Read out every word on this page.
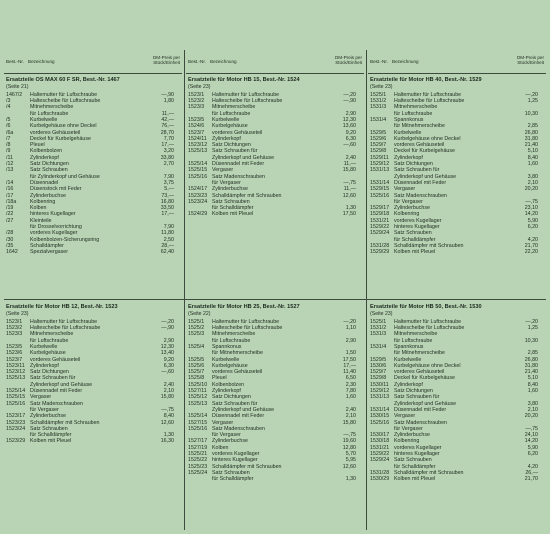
Best.-Nr. Bezeichnung
DM-Preis per Stück/Einheit
Ersatzteile OS MAX 60 F SR, Best.-Nr. 1467
(Seite 21)
1467/2	Haltemutter für Luftschraube	—,90
/3	Haltescheibe für Luftschraube	1,80
/4	Mitnehmerscheibe
für Luftschraube	11,—
/5	Kurbelwelle	42,—
/6	Kurbelgehäuse ohne Deckel	76,—
/6a	vorderes Gehäuseteil	28,70
/7	Deckel für Kurbelgehäuse	7,70
/8	Pleuel	17,—
/9	Kolbenbolzen	3,20
/11	Zylinderkopf	33,80
/12	Satz Dichtungen	2,70
/13	Satz Schrauben
für Zylinderkopf und Gehäuse	7,90
/14	Düsennadel	3,75
/16	Düsenstock mit Feder	5,—
/17	Zylinderbuchse	73,—
/18a	Kolbenring	16,80
/19	Kolben	33,50
/22	hinteres Kugellager	17,—
/27	Kleinteile
für Drosselvorrichtung	7,90
/28	vorderes Kugellager	11,80
/30	Kolbenbolzen-Sicherungsring	2,50
/35	Schalldämpfer	28,—
1642	Spezialvergaser	62,40
Ersatzteile für Motor HB 12, Best.-Nr. 1523
(Seite 23)
1523/1	Haltemutter für Luftschraube	—,20
1523/2	Haltescheibe für Luftschraube	—,90
1523/3	Mitnehmerscheibe
für Luftschraube	2,90
1523/5	Kurbelwelle	12,30
1523/6	Kurbelgehäuse	13,40
1523/7	vorderes Gehäuseteil	9,20
1523/11 Zylinderkopf	6,30
1523/12 Satz Dichtungen	—,60
1525/13 Satz Schrauben für
Zylinderkopf und Gehäuse	2,40
1525/14 Düsennadel mit Feder	2,10
1525/15 Vergaser	15,80
1525/16 Satz Madenschrauben
für Vergaser	—,75
1523/17 Zylinderbuchse	8,40
1523/23 Schalldämpfer mit Schrauben	12,60
1523/24 Satz Schrauben
für Schalldämpfer	1,30
1523/29 Kolben mit Pleuel	16,30
Best.-Nr. Bezeichnung
DM-Preis per Stück/Einheit
Ersatzteile für Motor HB 15, Best.-Nr. 1524
(Seite 23)
1523/1	Haltemutter für Luftschraube	—,20
1523/2	Haltescheibe für Luftschraube	—,90
1523/3	Mitnehmerscheibe
für Luftschraube	2,90
1523/5	Kurbelwelle	12,30
1524/6	Kurbelgehäuse	13,60
1523/7	vorderes Gehäuseteil	9,20
1524/11 Zylinderkopf	6,30
1523/12 Satz Dichtungen	—,60
1525/13 Satz Schrauben für
Zylinderkopf und Gehäuse	2,40
1525/14 Düsennadel mit Feder	11,—
1525/15 Vergaser	15,80
1525/16 Satz Madenschrauben
für Vergaser	—,75
1524/17 Zylinderbuchse	11,—
1523/23 Schalldämpfer mit Schrauben	12,60
1523/24 Satz Schrauben
für Schalldämpfer	1,30
1524/29 Kolben mit Pleuel	17,50
Ersatzteile für Motor HB 25, Best.-Nr. 1527
(Seite 22)
1525/1	Haltemutter für Luftschraube	—,20
1525/2	Haltescheibe für Luftschraube	1,10
1525/3	Mitnehmerscheibe
für Luftschraube	2,90
1525/4	Spannkonus
für Mitnehmerscheibe	1,50
1525/5	Kurbelwelle	17,50
1525/6	Kurbelgehäuse	17,—
1525/7	vorderes Gehäuseteil	11,40
1525/8	Pleuel	6,50
1525/10 Kolbenbolzen	2,30
1527/11 Zylinderkopf	7,80
1525/12 Satz Dichtungen	1,60
1525/13 Satz Schrauben für
Zylinderkopf und Gehäuse	2,40
1525/14 Düsennadel mit Feder	2,10
1527/15 Vergaser	15,80
1525/16 Satz Madenschrauben
für Vergaser	—,75
1527/17 Zylinderbuchse	19,60
1527/19 Kolben	12,80
1525/21 vorderes Kugellager	5,70
1525/22 hinteres Kugellager	5,95
1525/23 Schalldämpfer mit Schrauben	12,60
1525/24 Satz Schrauben
für Schalldämpfer	1,30
Best.-Nr. Bezeichnung
DM-Preis per Stück/Einheit
Ersatzteile für Motor HB 40, Best.-Nr. 1529
(Seite 23)
1525/1	Haltemutter für Luftschraube	—,20
1531/2	Haltescheibe für Luftschraube	1,25
1531/3	Mitnehmerscheibe
für Luftschraube	10,30
1531/4	Spannkonus
für Mitnehmerscheibe	2,85
1529/5	Kurbelwelle	26,80
1529/6	Kurbelgehäuse ohne Deckel	31,80
1529/7	vorderes Gehäuseteil	21,40
1529/8	Deckel für Kurbelgehäuse	5,10
1529/11 Zylinderkopf	8,40
1529/12 Satz Dichtungen	1,60
1531/13 Satz Schrauben für
Zylinderkopf und Gehäuse	3,80
1531/14 Düsennadel mit Feder	2,10
1529/15 Vergaser	20,20
1525/16 Satz Madenschrauben
für Vergaser	—,75
1529/17 Zylinderbuchse	23,10
1529/18 Kolbenring	14,20
1531/21 vorderes Kugellager	5,90
1529/22 hinteres Kugellager	6,20
1529/24 Satz Schrauben
für Schalldämpfer	4,20
1531/28 Schalldämpfer mit Schrauben	21,70
1529/29 Kolben mit Pleuel	22,20
Ersatzteile für Motor HB 50, Best.-Nr. 1530
(Seite 23)
1525/1	Haltemutter für Luftschraube	—,20
1531/2	Haltescheibe für Luftschraube	1,25
1531/3	Mitnehmerscheibe
für Luftschraube	10,30
1531/4	Spannkonus
für Mitnehmerscheibe	2,85
1529/5	Kurbelwelle	26,80
1530/6	Kurbelgehäuse ohne Deckel	31,80
1529/7	vorderes Gehäuseteil	21,40
1529/8	Deckel für Kurbelgehäuse	5,10
1530/11 Zylinderkopf	8,40
1529/12 Satz Dichtungen	1,60
1531/13 Satz Schrauben für
Zylinderkopf und Gehäuse	3,80
1531/14 Düsennadel mit Feder	2,10
1530/15 Vergaser	20,20
1525/16 Satz Madenschrauben
für Vergaser	—,75
1530/17 Zylinderbuchse	24,10
1530/18 Kolbenring	14,20
1531/21 vorderes Kugellager	5,90
1529/22 hinteres Kugellager	6,20
1529/24 Satz Schrauben
für Schalldämpfer	4,20
1531/28 Schalldämpfer mit Schrauben	26,—
1530/29 Kolben mit Pleuel	21,70
